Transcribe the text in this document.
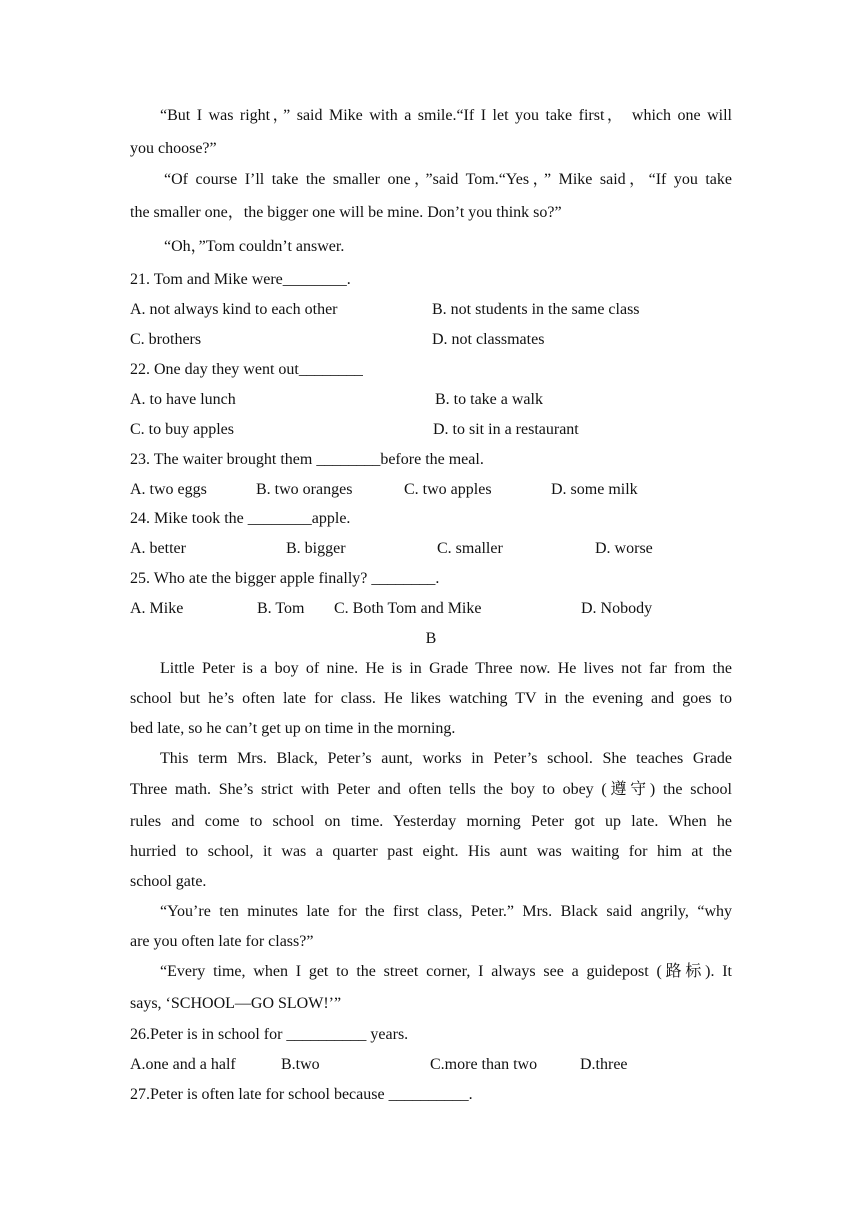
“But I was right，” said Mike with a smile.“If I let you take first， which one will
you choose?”
“Of course I’ll take the smaller one，”said Tom.“Yes，” Mike said，“If you take
the smaller one，the bigger one will be mine. Don’t you think so?”
“Oh，”Tom couldn’t answer.
21. Tom and Mike were________.
A. not always kind to each other	B. not students in the same class
C. brothers	D. not classmates
22. One day they went out________
A. to have lunch	B. to take a walk
C. to buy apples	D. to sit in a restaurant
23. The waiter brought them ________before the meal.
A. two eggs	B. two oranges	C. two apples	D. some milk
24. Mike took the ________apple.
A. better	B. bigger	C. smaller	D. worse
25. Who ate the bigger apple finally? ________.
A. Mike	B. Tom C. Both Tom and Mike	D. Nobody
B
Little Peter is a boy of nine. He is in Grade Three now. He lives not far from the
school but he’s often late for class. He likes watching TV in the evening and goes to
bed late, so he can’t get up on time in the morning.
This term Mrs. Black, Peter’s aunt, works in Peter’s school. She teaches Grade
Three math. She’s strict with Peter and often tells the boy to obey (遵守) the school
rules and come to school on time. Yesterday morning Peter got up late. When he
hurried to school, it was a quarter past eight. His aunt was waiting for him at the
school gate.
“You’re ten minutes late for the first class, Peter.” Mrs. Black said angrily, “why
are you often late for class?”
“Every time, when I get to the street corner, I always see a guidepost (路标). It
says, ‘SCHOOL—GO SLOW!’”
26.Peter is in school for __________ years.
A.one and a half	B.two	C.more than two	D.three
27.Peter is often late for school because __________.
